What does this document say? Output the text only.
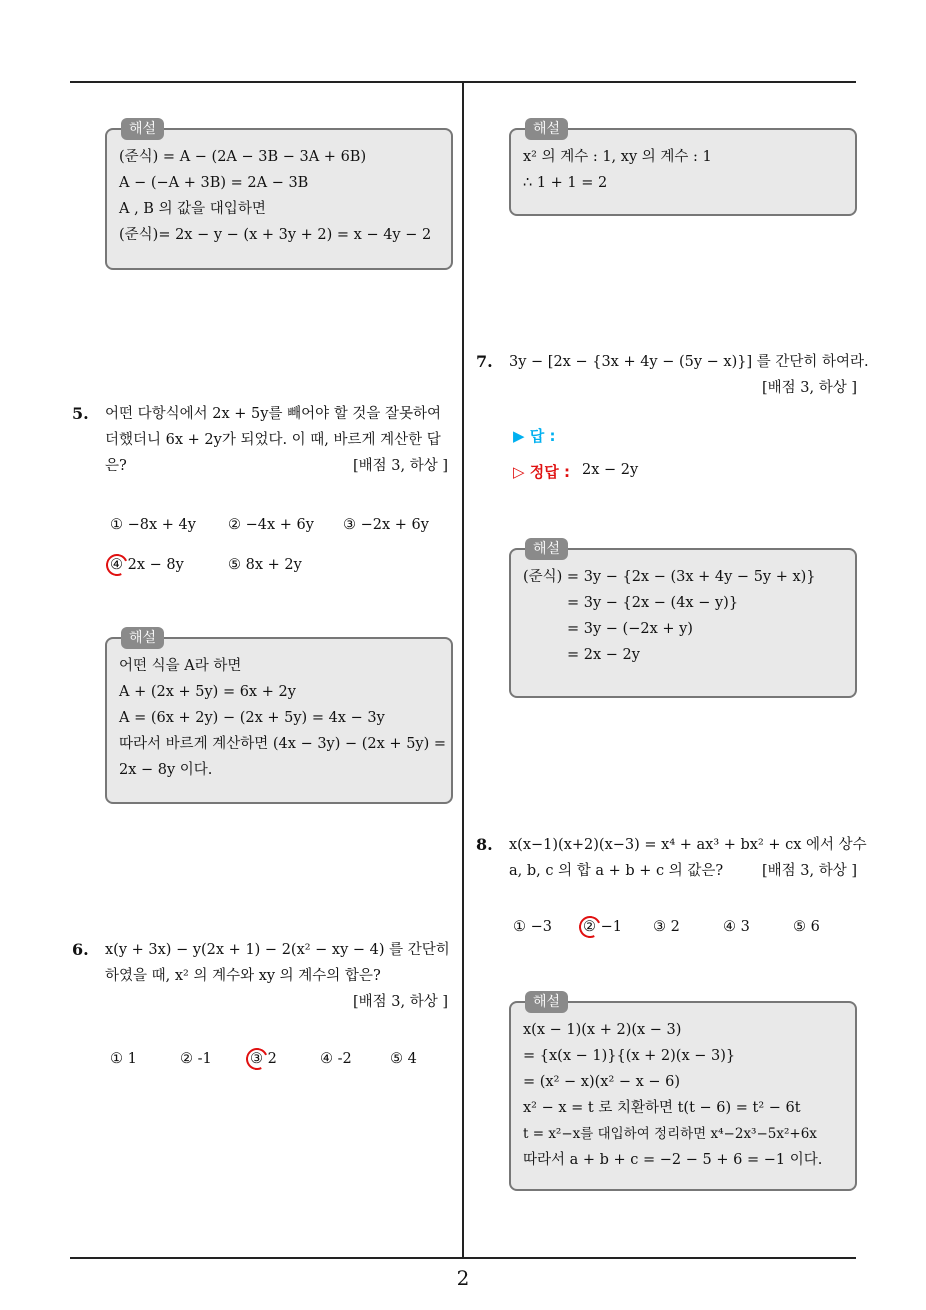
해설
(준식) = A − (2A − 3B − 3A + 6B)
A − (−A + 3B) = 2A − 3B
A , B 의 값을 대입하면
(준식)= 2x − y − (x + 3y + 2) = x − 4y − 2
5. 어떤 다항식에서 2x + 5y를 빼어야 할 것을 잘못하여
더했더니 6x + 2y가 되었다. 이 때, 바르게 계산한 답
은?	[배점 3, 하상 ]
① −8x + 4y ② −4x + 6y ③ −2x + 6y
④ 2x − 8y	⑤ 8x + 2y
해설
어떤 식을 A라 하면
A + (2x + 5y) = 6x + 2y
A = (6x + 2y) − (2x + 5y) = 4x − 3y
따라서 바르게 계산하면 (4x − 3y) − (2x + 5y) =
2x − 8y 이다.
6. x(y + 3x) − y(2x + 1) − 2(x² − xy − 4) 를 간단히
하였을 때, x² 의 계수와 xy 의 계수의 합은?
[배점 3, 하상 ]
① 1	② -1	③ 2	④ -2	⑤ 4
해설
x² 의 계수 : 1, xy 의 계수 : 1
∴ 1 + 1 = 2
7. 3y − [2x − {3x + 4y − (5y − x)}] 를 간단히 하여라.
[배점 3, 하상 ]
▶ 답 :
▷ 정답 : 2x − 2y
해설
(준식) = 3y − {2x − (3x + 4y − 5y + x)}
= 3y − {2x − (4x − y)}
= 3y − (−2x + y)
= 2x − 2y
8. x(x−1)(x+2)(x−3) = x⁴ + ax³ + bx² + cx 에서 상수
a, b, c 의 합 a + b + c 의 값은?	[배점 3, 하상 ]
① −3 ② −1 ③ 2	④ 3	⑤ 6
해설
x(x − 1)(x + 2)(x − 3)
= {x(x − 1)}{(x + 2)(x − 3)}
= (x² − x)(x² − x − 6)
x² − x = t 로 치환하면 t(t − 6) = t² − 6t
t = x²−x를 대입하여 정리하면 x⁴−2x³−5x²+6x
따라서 a + b + c = −2 − 5 + 6 = −1 이다.
2
